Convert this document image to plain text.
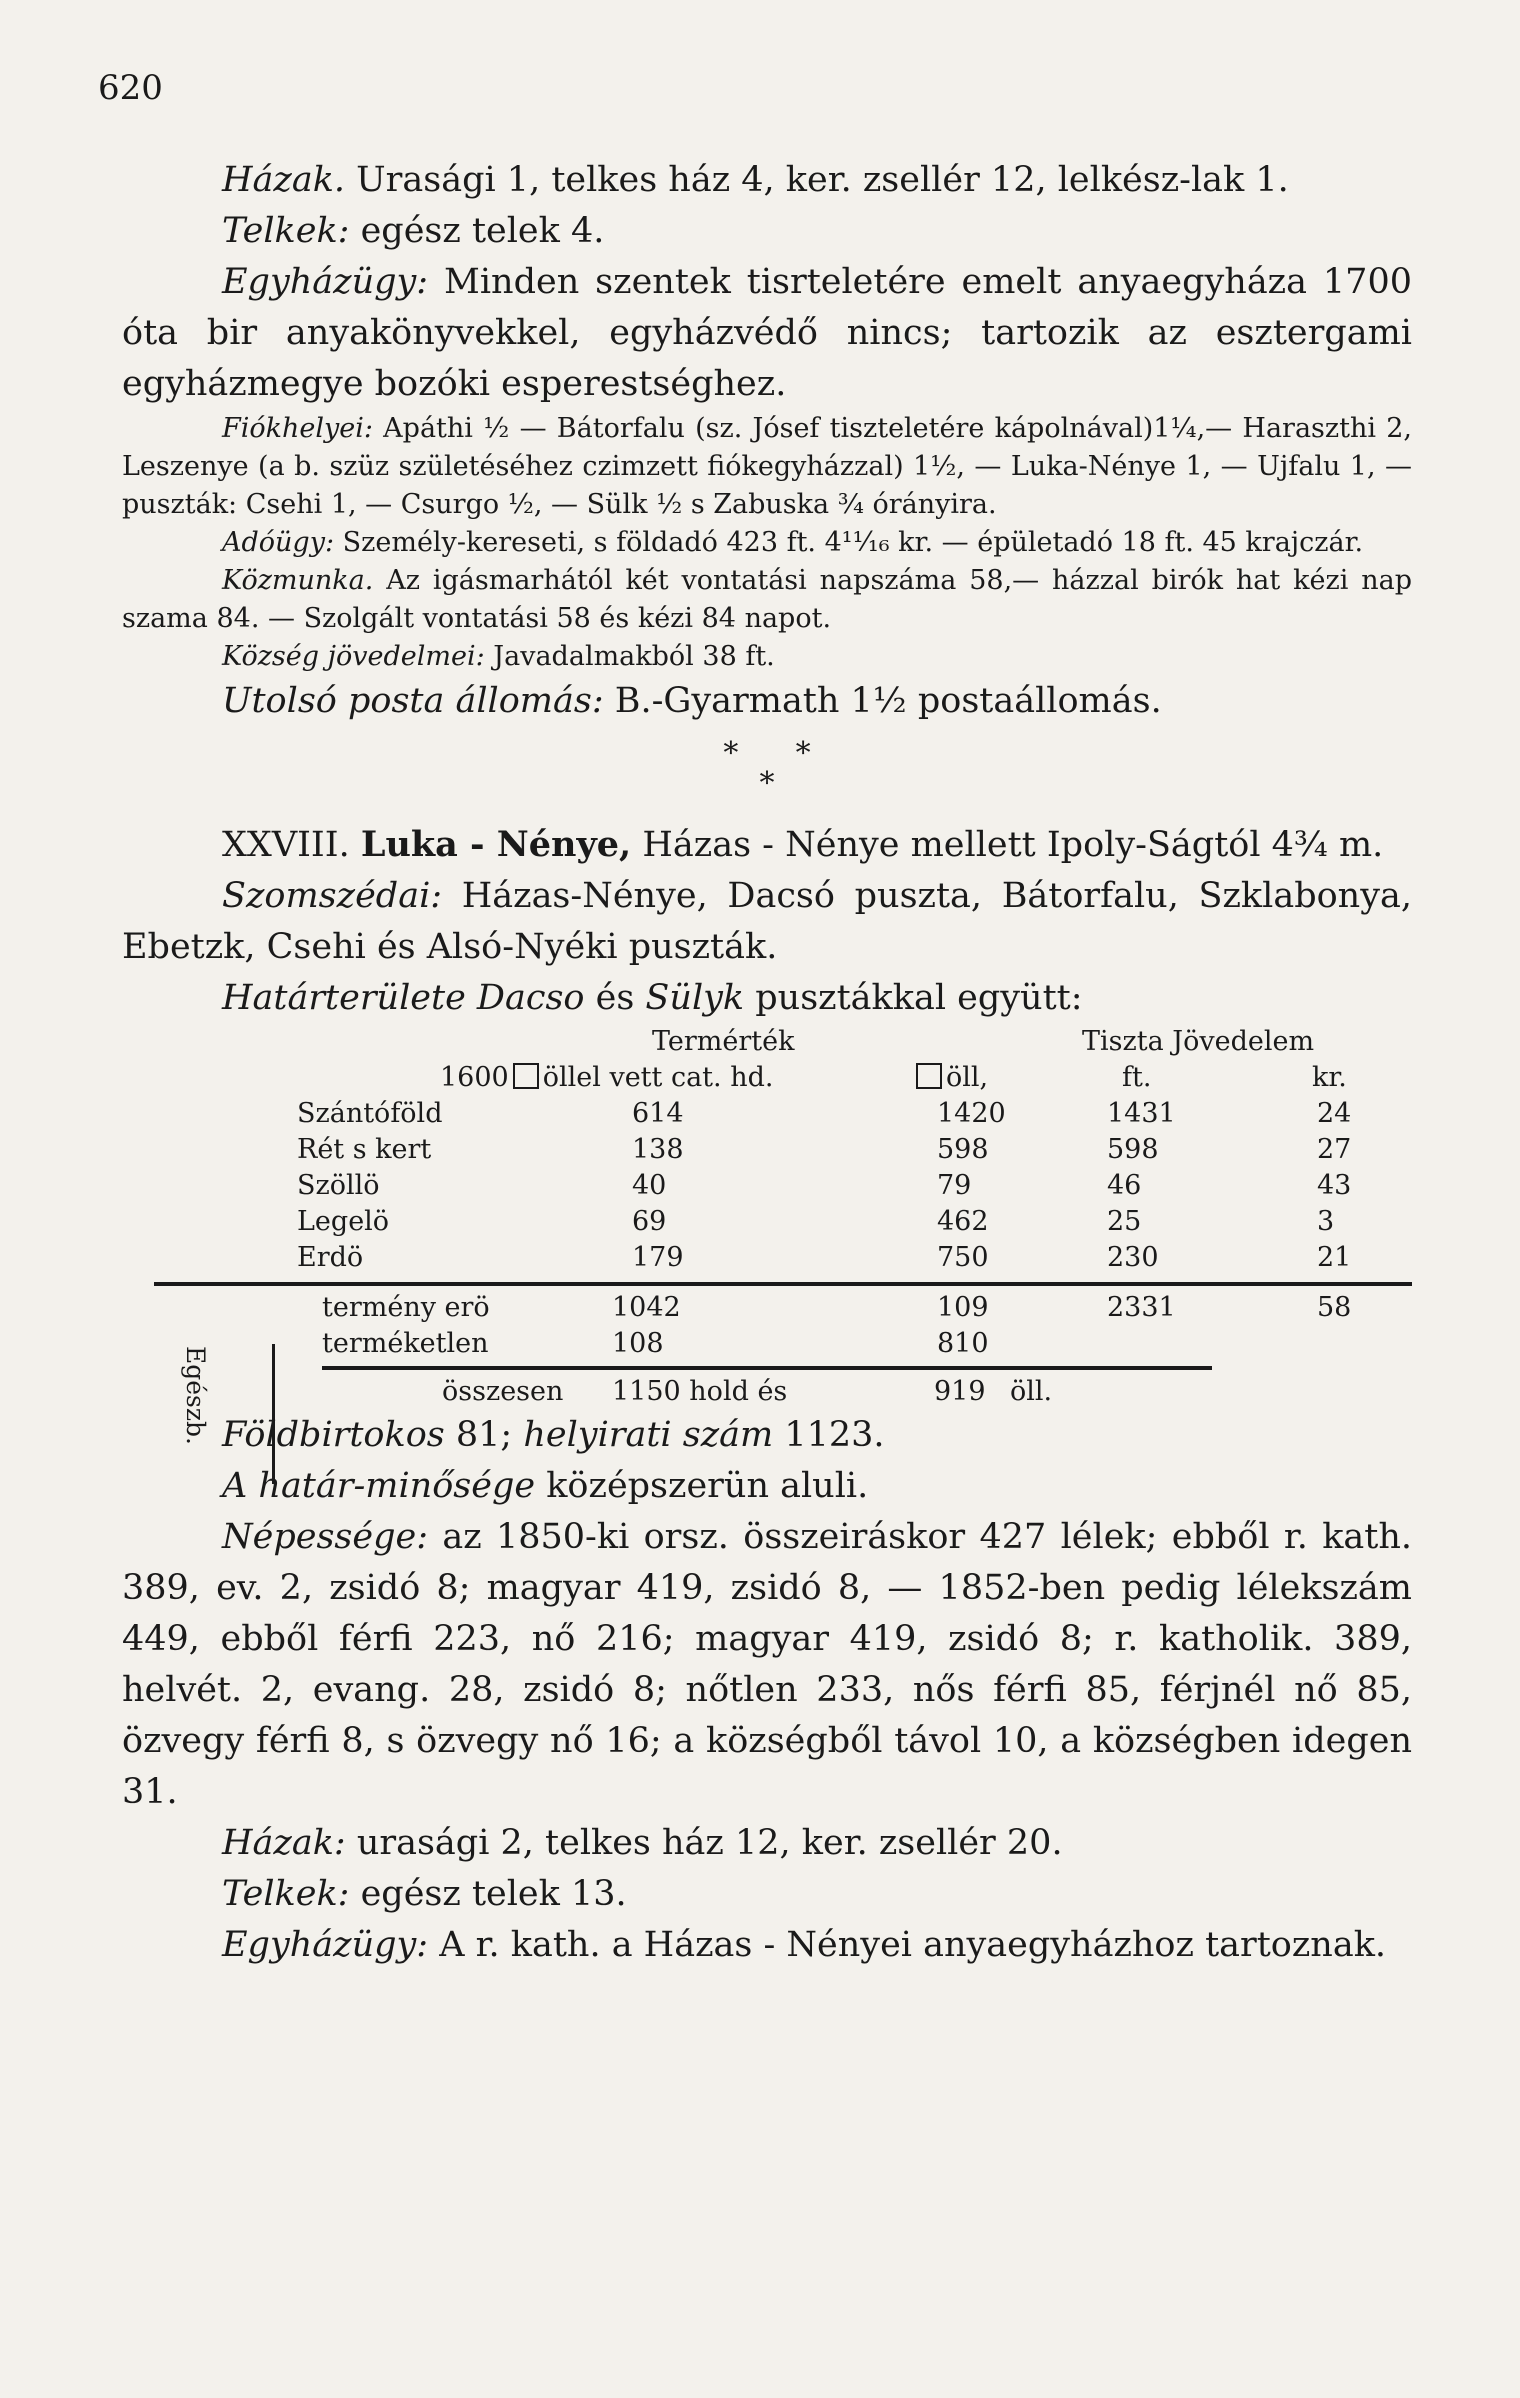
620

Házak. Urasági 1, telkes ház 4, ker. zsellér 12, lelkész-lak 1.

Telkek: egész telek 4.

Egyházügy: Minden szentek tisrteletére emelt anyaegyháza 1700 óta bir anyakönyvekkel, egyházvédő nincs; tartozik az esztergami egyházmegye bozóki esperestséghez.

Fiókhelyei: Apáthi ½ — Bátorfalu (sz. Jósef tiszteletére kápolnával)1¼,— Haraszthi 2, Leszenye (a b. szüz születéséhez czimzett fiókegyházzal) 1½, — Luka-Nénye 1, — Ujfalu 1, — puszták: Csehi 1, — Csurgo ½, — Sülk ½ s Zabuska ¾ órányira.

Adóügy: Személy-kereseti, s földadó 423 ft. 4¹¹⁄₁₆ kr. — épületadó 18 ft. 45 krajczár.

Közmunka. Az igásmarhától két vontatási napszáma 58,— házzal birók hat kézi nap szama 84. — Szolgált vontatási 58 és kézi 84 napot.

Község jövedelmei: Javadalmakból 38 ft.

Utolsó posta állomás: B.-Gyarmath 1½ postaállomás.

* *
*

XXVIII. Luka - Nénye, Házas - Nénye mellett Ipoly-Ságtól 4¾ m.

Szomszédai: Házas-Nénye, Dacsó puszta, Bátorfalu, Szklabonya, Ebetzk, Csehi és Alsó-Nyéki puszták.

Határterülete Dacso és Sülyk pusztákkal együtt:

Termérték	Tiszta Jövedelem
1600 öllel vett cat. hd.	öll,	ft.	kr.
Szántóföld	614	1420	1431	24
Rét s kert	138	598	598	27
Szöllö	40	79	46	43
Legelö	69	462	25	3
Erdö	179	750	230	21
termény erö	1042	109	2331	58
terméketlen	108	810
összesen 1150 hold és	919 öll.
Egészb. Földbirtokos 81; helyirati szám 1123.

A határ-minősége középszerün aluli.

Népessége: az 1850-ki orsz. összeiráskor 427 lélek; ebből r. kath. 389, ev. 2, zsidó 8; magyar 419, zsidó 8, — 1852-ben pedig lélekszám 449, ebből férfi 223, nő 216; magyar 419, zsidó 8; r. katholik. 389, helvét. 2, evang. 28, zsidó 8; nőtlen 233, nős férfi 85, férjnél nő 85, özvegy férfi 8, s özvegy nő 16; a községből távol 10, a községben idegen 31.

Házak: urasági 2, telkes ház 12, ker. zsellér 20.

Telkek: egész telek 13.

Egyházügy: A r. kath. a Házas - Nényei anyaegyházhoz tartoznak.
